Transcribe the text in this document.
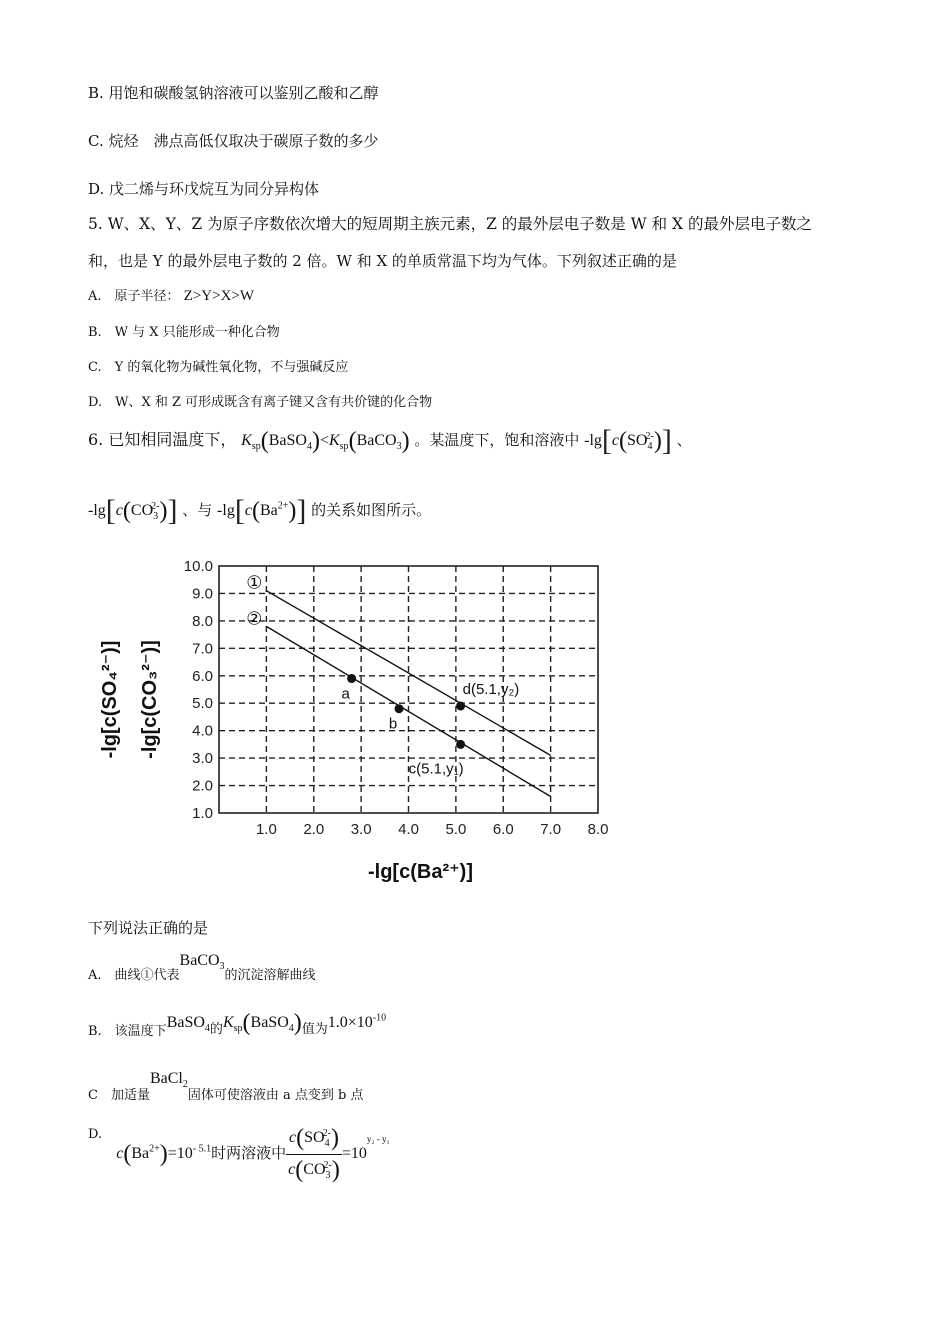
B. 用饱和碳酸氢钠溶液可以鉴别乙酸和乙醇
C. 烷烃　沸点高低仅取决于碳原子数的多少
D. 戊二烯与环戊烷互为同分异构体
5. W、X、Y、Z 为原子序数依次增大的短周期主族元素，Z 的最外层电子数是 W 和 X 的最外层电子数之
和，也是 Y 的最外层电子数的 2 倍。W 和 X 的单质常温下均为气体。下列叙述正确的是
A.　原子半径： Z>Y>X>W
B.　W 与 X 只能形成一种化合物
C.　Y 的氧化物为碱性氧化物，不与强碱反应
D.　W、X 和 Z 可形成既含有离子键又含有共价键的化合物
6. 已知相同温度下， $K_{sp}(BaSO_4)<K_{sp}(BaCO_3)$ 。某温度下，饱和溶液中 $-\lg[c(SO_4^{2-})]$ 、
$-\lg[c(CO_3^{2-})]$ 、与 $-\lg[c(Ba^{2+})]$ 的关系如图所示。
1.0 2.0 3.0 4.0 5.0 6.0 7.0 8.0
1.0
2.0
3.0
4.0
5.0
6.0
7.0
8.0
9.0
10.0
①
②
a
b
d(5.1,y₂)
c(5.1,y₁)
-lg[c(Ba²⁺)]
-lg[c(SO₄²⁻)] -lg[c(CO₃²⁻)]
下列说法正确的是
A.　曲线①代表BaCO$_3$的沉淀溶解曲线
B.　该温度下BaSO$_4$的$K_{sp}(BaSO_4)$值为$1.0\times 10^{-10}$
C　加适量BaCl$_2$固体可使溶液由 a 点变到 b 点
D. $c(Ba^{2+})=10^{- 5.1}$时两溶液中 $\frac{c(SO_4^{2-})}{c(CO_3^{2-})} =10^{y_2 - y_1}$
